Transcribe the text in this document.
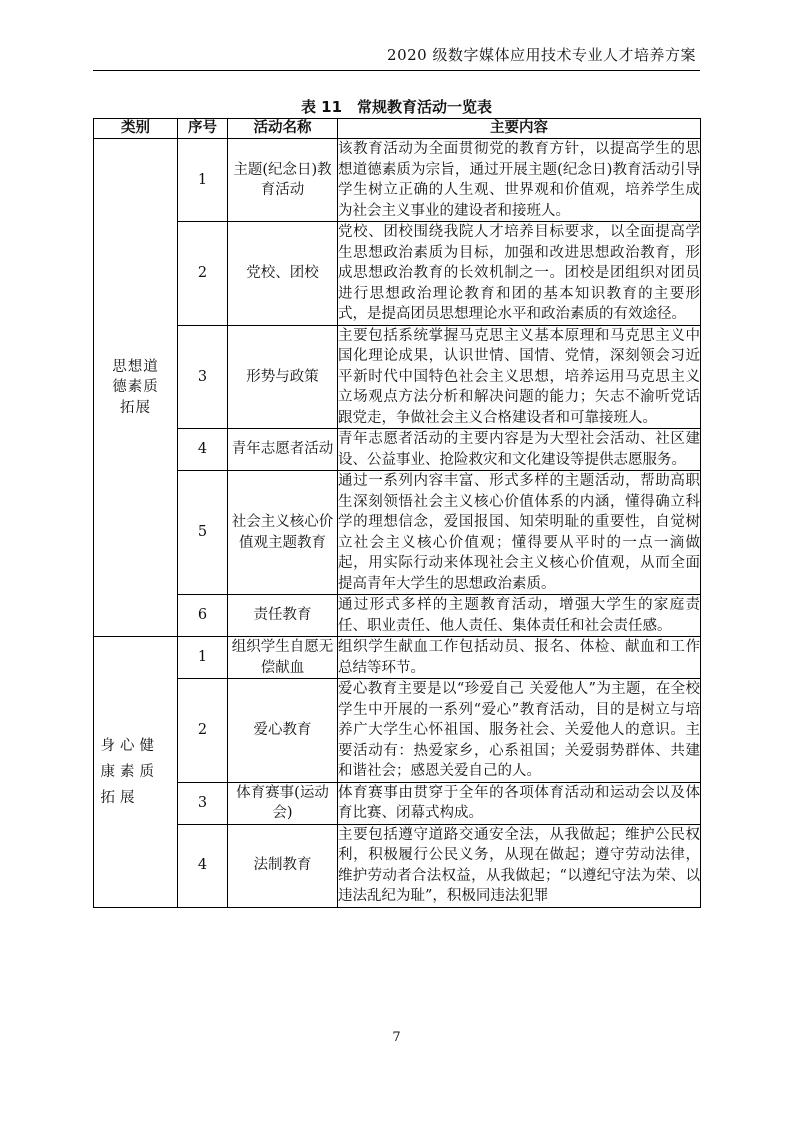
2020 级数字媒体应用技术专业人才培养方案
表 11　常规教育活动一览表
类别	序号	活动名称	主要内容
思想道德素质拓展	1	主题(纪念日)教育活动	该教育活动为全面贯彻党的教育方针，以提高学生的思想道德素质为宗旨，通过开展主题(纪念日)教育活动引导学生树立正确的人生观、世界观和价值观，培养学生成为社会主义事业的建设者和接班人。
	2	党校、团校	党校、团校围绕我院人才培养目标要求，以全面提高学生思想政治素质为目标，加强和改进思想政治教育，形成思想政治教育的长效机制之一。团校是团组织对团员进行思想政治理论教育和团的基本知识教育的主要形式，是提高团员思想理论水平和政治素质的有效途径。
	3	形势与政策	主要包括系统掌握马克思主义基本原理和马克思主义中国化理论成果，认识世情、国情、党情，深刻领会习近平新时代中国特色社会主义思想，培养运用马克思主义立场观点方法分析和解决问题的能力；矢志不渝听党话跟党走，争做社会主义合格建设者和可靠接班人。
	4	青年志愿者活动	青年志愿者活动的主要内容是为大型社会活动、社区建设、公益事业、抢险救灾和文化建设等提供志愿服务。
	5	社会主义核心价值观主题教育	通过一系列内容丰富、形式多样的主题活动，帮助高职生深刻领悟社会主义核心价值体系的内涵，懂得确立科学的理想信念，爱国报国、知荣明耻的重要性，自觉树立社会主义核心价值观；懂得要从平时的一点一滴做起，用实际行动来体现社会主义核心价值观，从而全面提高青年大学生的思想政治素质。
	6	责任教育	通过形式多样的主题教育活动，增强大学生的家庭责任、职业责任、他人责任、集体责任和社会责任感。
身心健康素质拓展	1	组织学生自愿无偿献血	组织学生献血工作包括动员、报名、体检、献血和工作总结等环节。
	2	爱心教育	爱心教育主要是以“珍爱自己 关爱他人”为主题，在全校学生中开展的一系列“爱心”教育活动，目的是树立与培养广大学生心怀祖国、服务社会、关爱他人的意识。主要活动有：热爱家乡，心系祖国；关爱弱势群体、共建和谐社会；感恩关爱自己的人。
	3	体育赛事(运动会)	体育赛事由贯穿于全年的各项体育活动和运动会以及体育比赛、闭幕式构成。
	4	法制教育	主要包括遵守道路交通安全法，从我做起；维护公民权利，积极履行公民义务，从现在做起；遵守劳动法律，维护劳动者合法权益，从我做起；“以遵纪守法为荣、以违法乱纪为耻”，积极同违法犯罪
7
